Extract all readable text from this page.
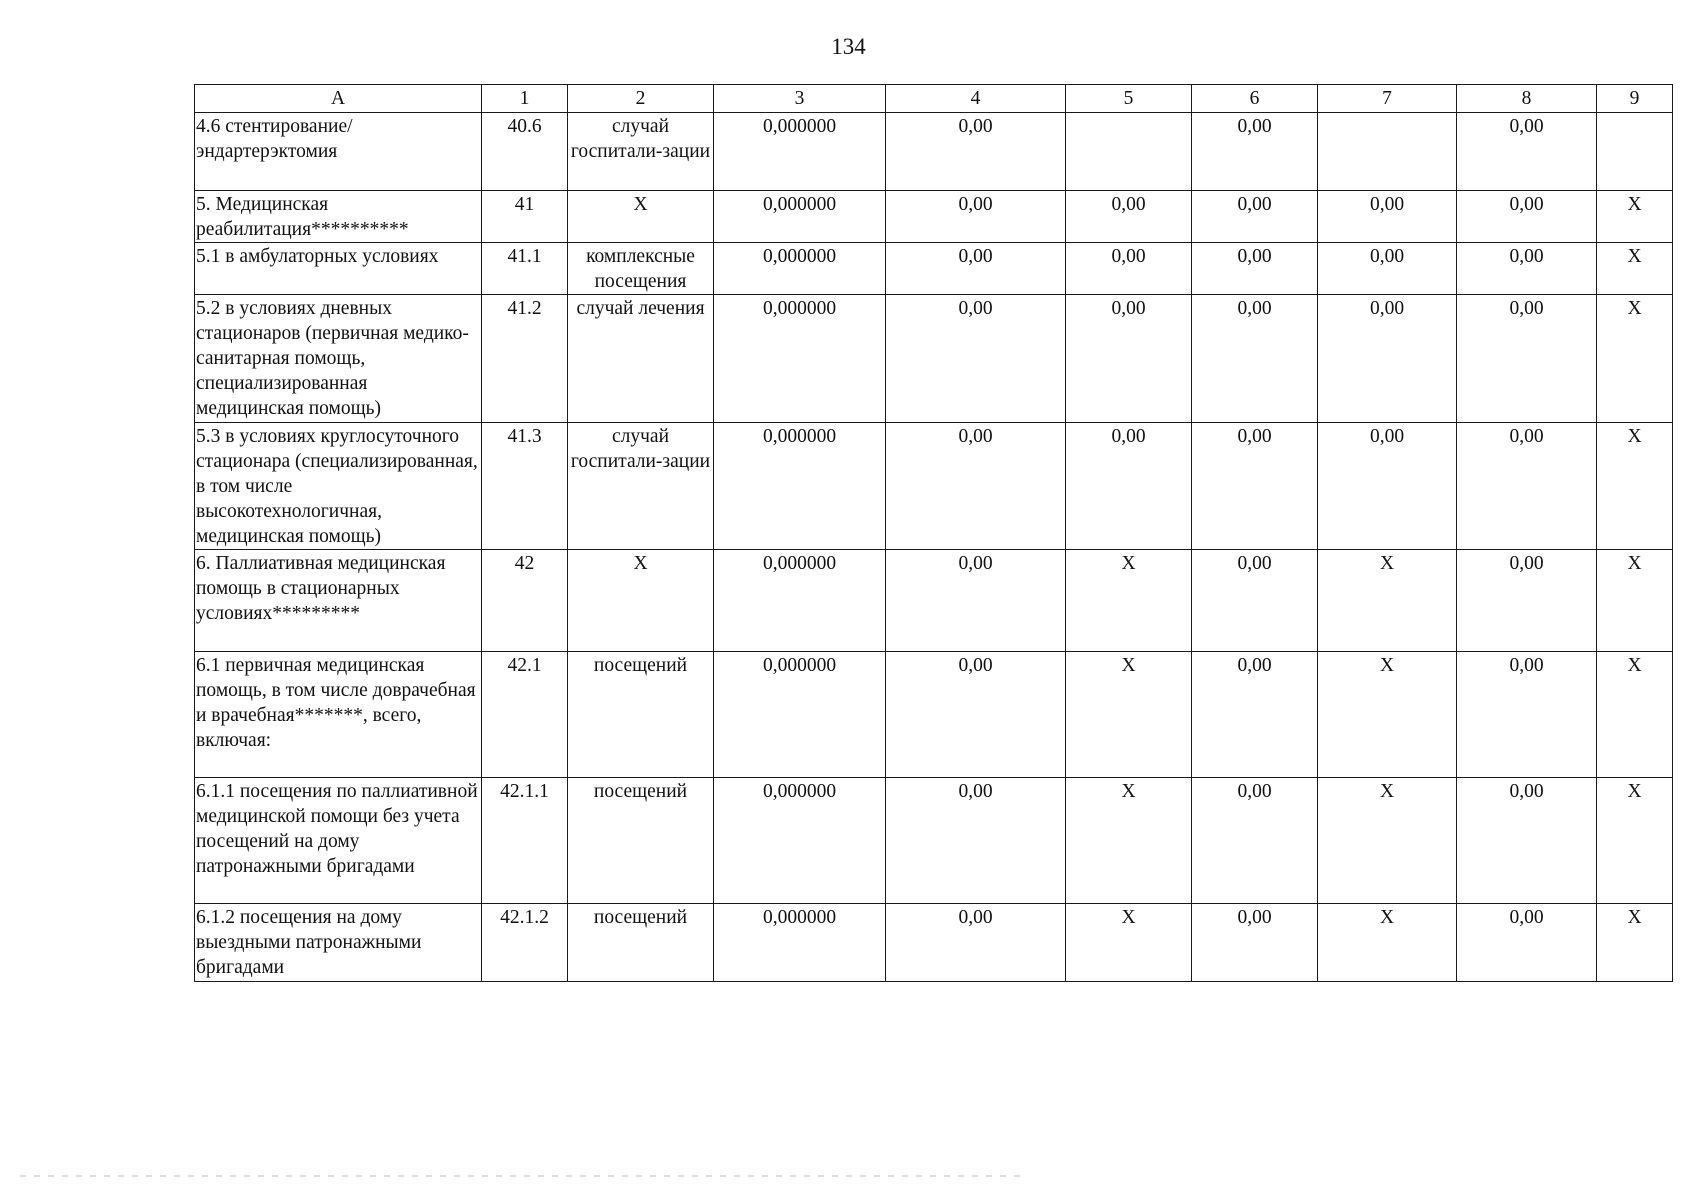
134
А	1	2	3	4	5	6	7	8	9
4.6 стентирование/ эндартерэктомия	40.6	случай госпитали-зации	0,000000	0,00		0,00		0,00	
5. Медицинская реабилитация**********	41	Х	0,000000	0,00	0,00	0,00	0,00	0,00	Х
5.1 в амбулаторных условиях	41.1	комплексные посещения	0,000000	0,00	0,00	0,00	0,00	0,00	Х
5.2 в условиях дневных стационаров (первичная медико-санитарная помощь, специализированная медицинская помощь)	41.2	случай лечения	0,000000	0,00	0,00	0,00	0,00	0,00	Х
5.3 в условиях круглосуточного стационара (специализированная, в том числе высокотехнологичная, медицинская помощь)	41.3	случай госпитали-зации	0,000000	0,00	0,00	0,00	0,00	0,00	Х
6. Паллиативная медицинская помощь в стационарных условиях*********	42	Х	0,000000	0,00	Х	0,00	Х	0,00	Х
6.1 первичная медицинская помощь, в том числе доврачебная и врачебная*******, всего, включая:	42.1	посещений	0,000000	0,00	Х	0,00	Х	0,00	Х
6.1.1 посещения по паллиативной медицинской помощи без учета посещений на дому патронажными бригадами	42.1.1	посещений	0,000000	0,00	Х	0,00	Х	0,00	Х
6.1.2 посещения на дому выездными патронажными бригадами	42.1.2	посещений	0,000000	0,00	Х	0,00	Х	0,00	Х
